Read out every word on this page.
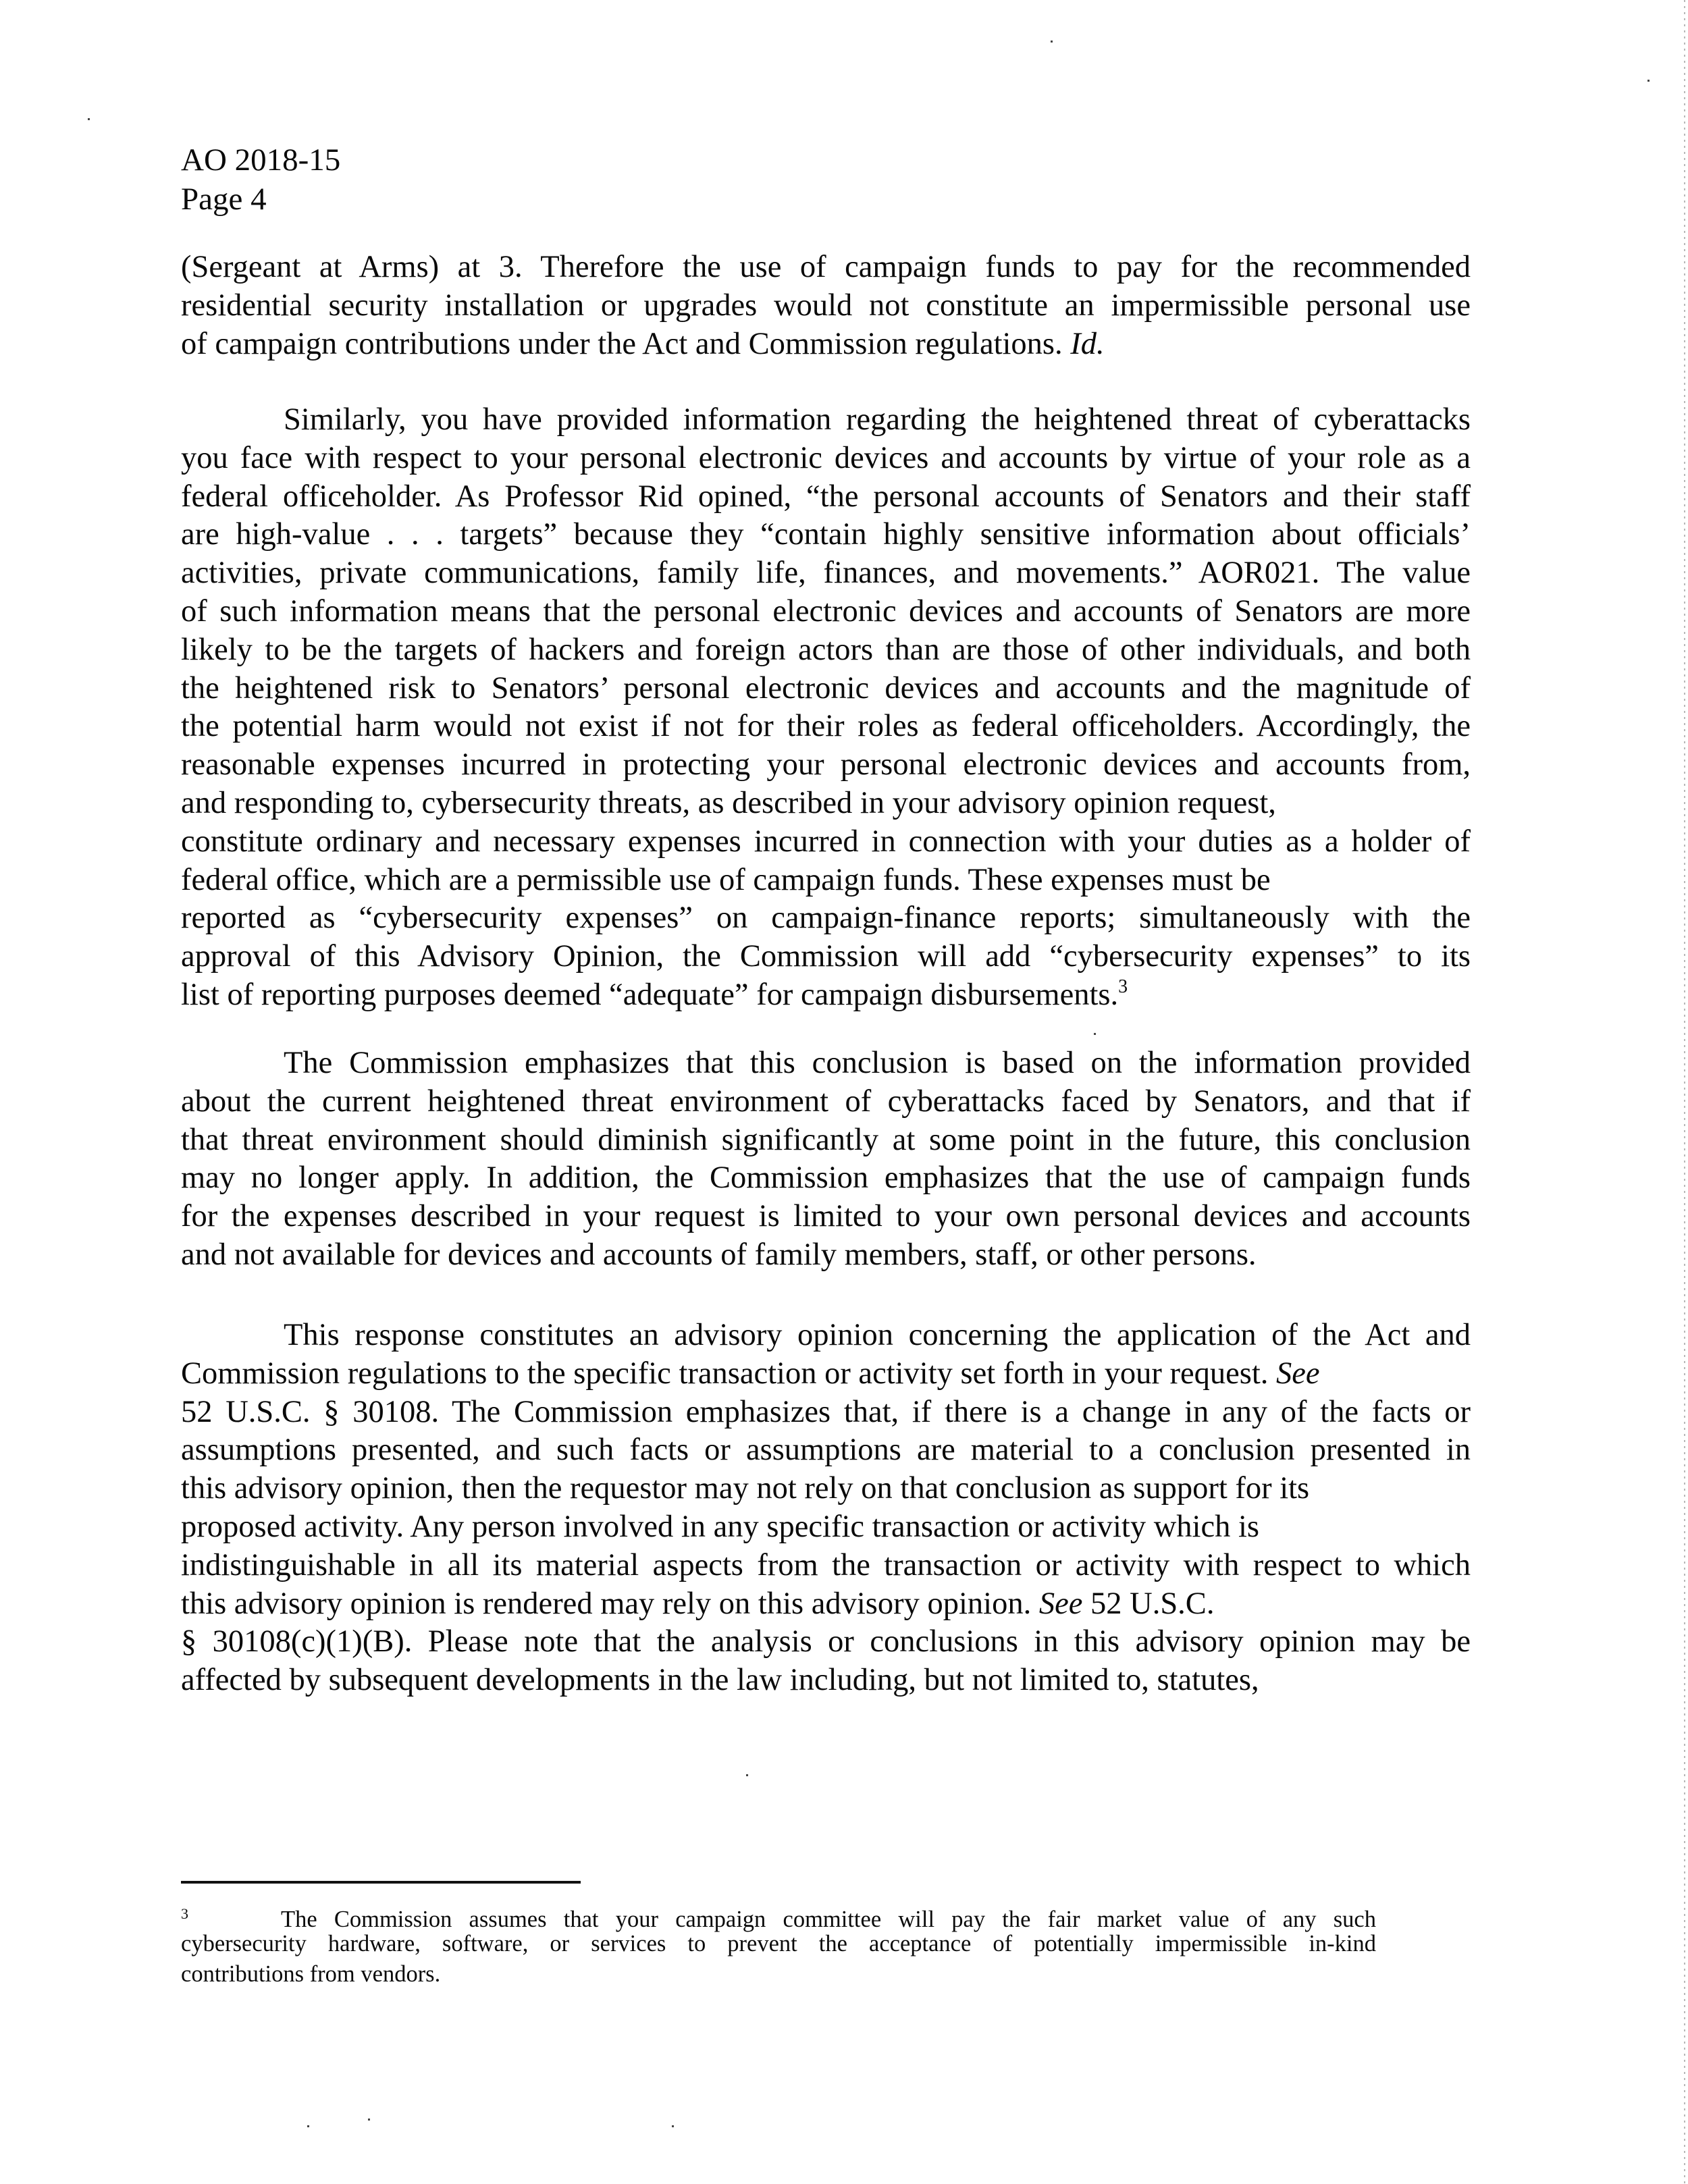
AO 2018-15
Page 4
(Sergeant at Arms) at 3. Therefore the use of campaign funds to pay for the recommended
residential security installation or upgrades would not constitute an impermissible personal use
of campaign contributions under the Act and Commission regulations. Id.
Similarly, you have provided information regarding the heightened threat of cyberattacks
you face with respect to your personal electronic devices and accounts by virtue of your role as a
federal officeholder. As Professor Rid opined, “the personal accounts of Senators and their staff
are high-value . . . targets” because they “contain highly sensitive information about officials’
activities, private communications, family life, finances, and movements.” AOR021. The value
of such information means that the personal electronic devices and accounts of Senators are more
likely to be the targets of hackers and foreign actors than are those of other individuals, and both
the heightened risk to Senators’ personal electronic devices and accounts and the magnitude of
the potential harm would not exist if not for their roles as federal officeholders. Accordingly, the
reasonable expenses incurred in protecting your personal electronic devices and accounts from,
and responding to, cybersecurity threats, as described in your advisory opinion request,
constitute ordinary and necessary expenses incurred in connection with your duties as a holder of
federal office, which are a permissible use of campaign funds. These expenses must be
reported as “cybersecurity expenses” on campaign-finance reports; simultaneously with the
approval of this Advisory Opinion, the Commission will add “cybersecurity expenses” to its
list of reporting purposes deemed “adequate” for campaign disbursements.$^3$
The Commission emphasizes that this conclusion is based on the information provided
about the current heightened threat environment of cyberattacks faced by Senators, and that if
that threat environment should diminish significantly at some point in the future, this conclusion
may no longer apply. In addition, the Commission emphasizes that the use of campaign funds
for the expenses described in your request is limited to your own personal devices and accounts
and not available for devices and accounts of family members, staff, or other persons.
This response constitutes an advisory opinion concerning the application of the Act and
Commission regulations to the specific transaction or activity set forth in your request. See
52 U.S.C. § 30108. The Commission emphasizes that, if there is a change in any of the facts or
assumptions presented, and such facts or assumptions are material to a conclusion presented in
this advisory opinion, then the requestor may not rely on that conclusion as support for its
proposed activity. Any person involved in any specific transaction or activity which is
indistinguishable in all its material aspects from the transaction or activity with respect to which
this advisory opinion is rendered may rely on this advisory opinion. See 52 U.S.C.
§ 30108(c)(1)(B). Please note that the analysis or conclusions in this advisory opinion may be
affected by subsequent developments in the law including, but not limited to, statutes,
3	The Commission assumes that your campaign committee will pay the fair market value of any such
cybersecurity hardware, software, or services to prevent the acceptance of potentially impermissible in-kind
contributions from vendors.
